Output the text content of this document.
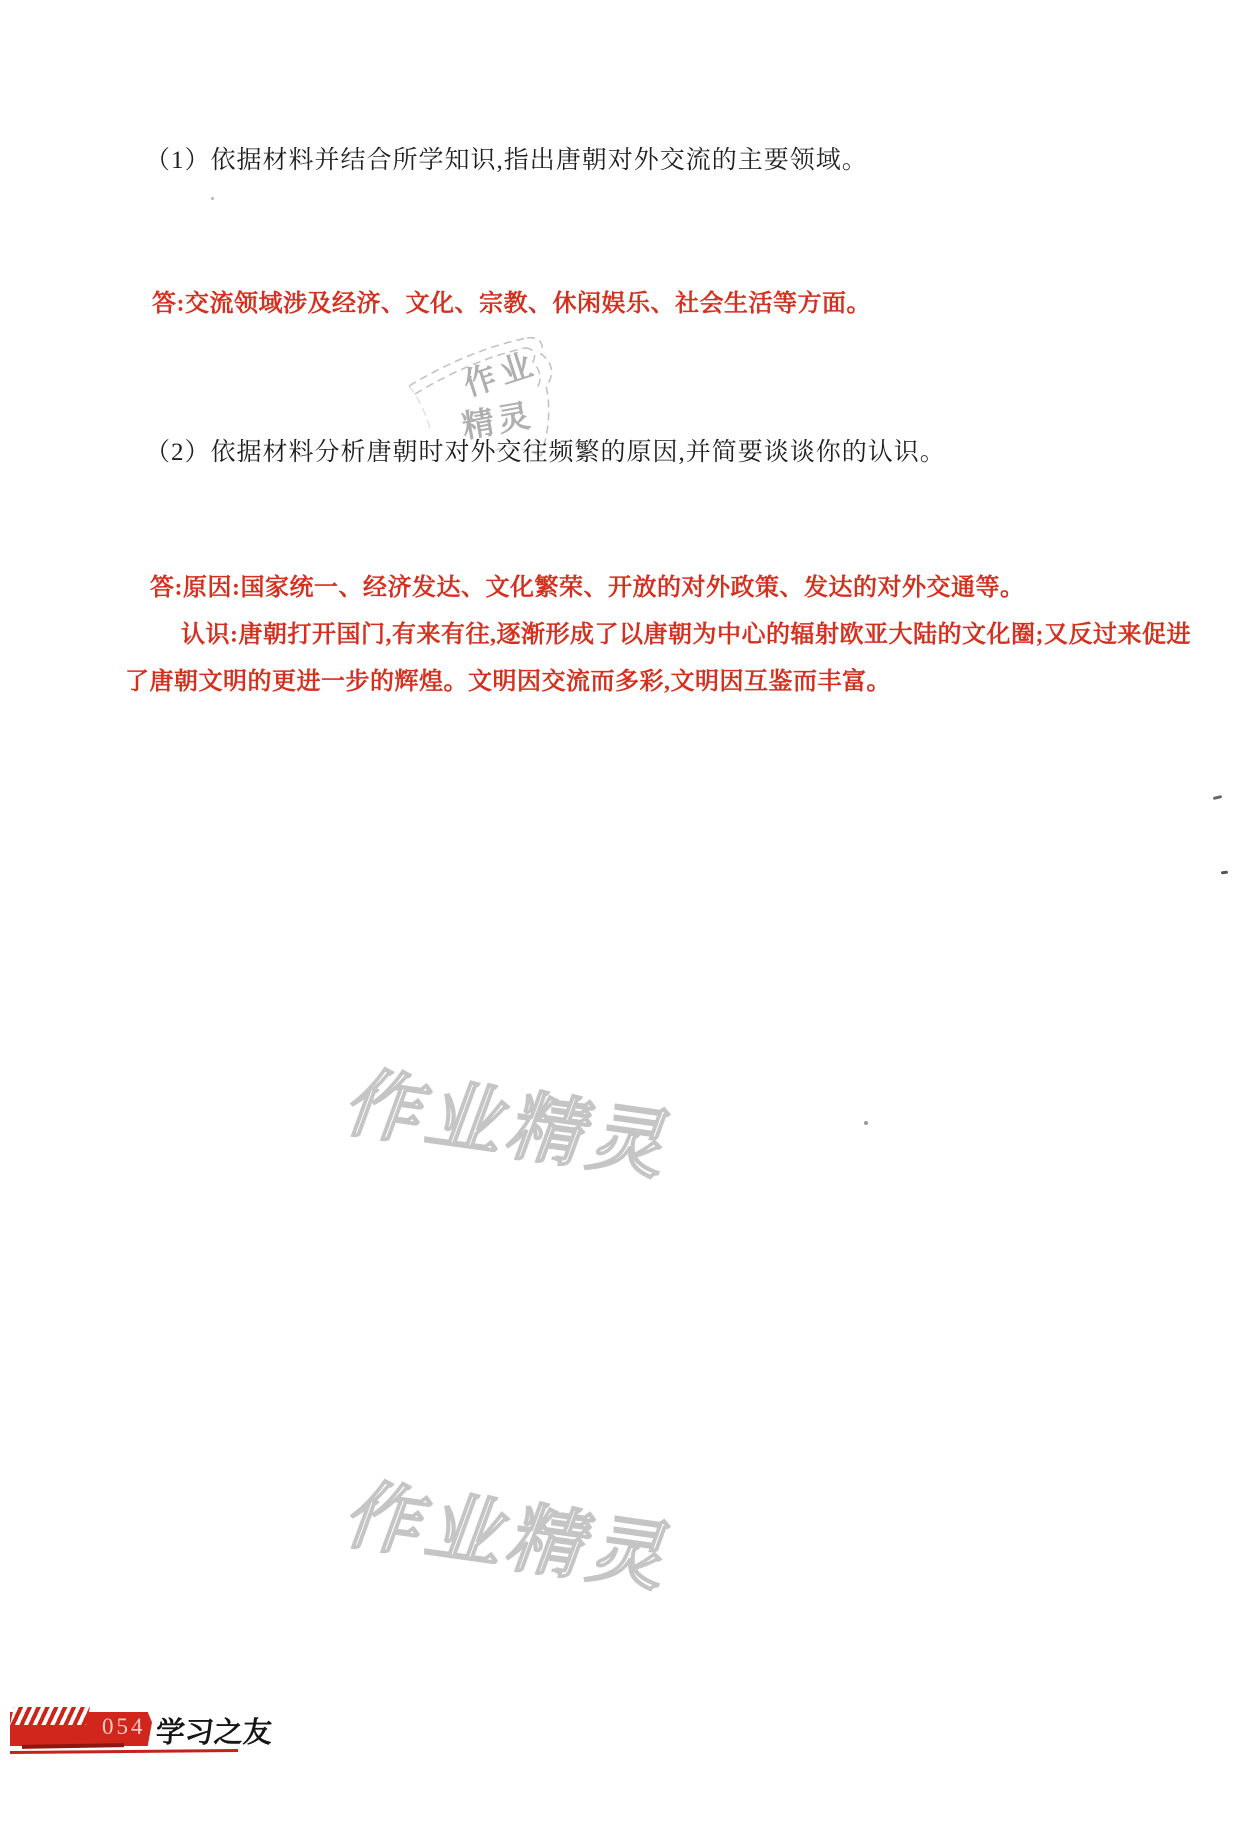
（1）依据材料并结合所学知识,指出唐朝对外交流的主要领域。
答:交流领域涉及经济、文化、宗教、休闲娱乐、社会生活等方面。
作业
精灵
（2）依据材料分析唐朝时对外交往频繁的原因,并简要谈谈你的认识。
答:原因:国家统一、经济发达、文化繁荣、开放的对外政策、发达的对外交通等。
认识:唐朝打开国门,有来有往,逐渐形成了以唐朝为中心的辐射欧亚大陆的文化圈;又反过来促进
了唐朝文明的更进一步的辉煌。文明因交流而多彩,文明因互鉴而丰富。
作业精灵
作业精灵
054 学习之友
